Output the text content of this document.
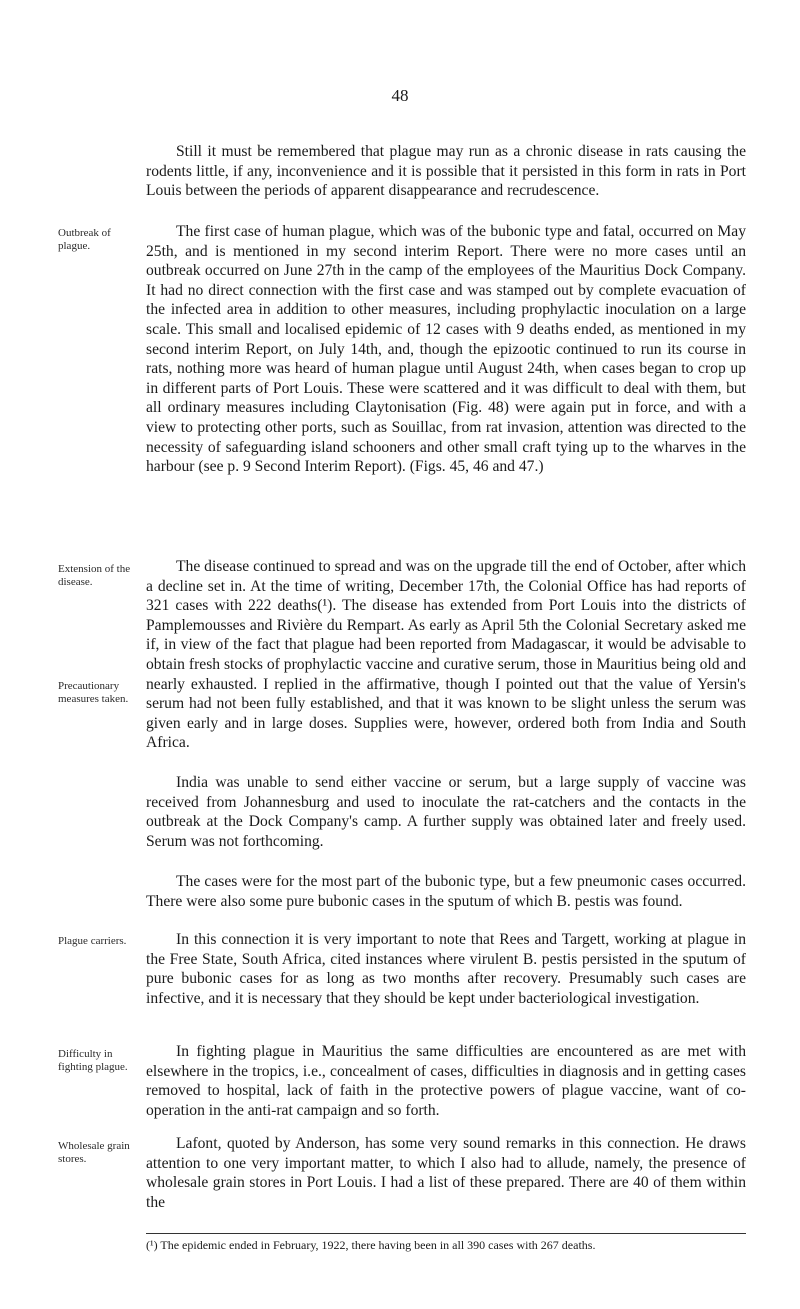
48

Still it must be remembered that plague may run as a chronic disease in rats causing the rodents little, if any, inconvenience and it is possible that it persisted in this form in rats in Port Louis between the periods of apparent disappearance and recrudescence.

Outbreak of plague.

The first case of human plague, which was of the bubonic type and fatal, occurred on May 25th, and is mentioned in my second interim Report. There were no more cases until an outbreak occurred on June 27th in the camp of the employees of the Mauritius Dock Company. It had no direct connection with the first case and was stamped out by complete evacuation of the infected area in addition to other measures, including prophylactic inoculation on a large scale. This small and localised epidemic of 12 cases with 9 deaths ended, as mentioned in my second interim Report, on July 14th, and, though the epizootic continued to run its course in rats, nothing more was heard of human plague until August 24th, when cases began to crop up in different parts of Port Louis. These were scattered and it was difficult to deal with them, but all ordinary measures including Claytonisation (Fig. 48) were again put in force, and with a view to protecting other ports, such as Souillac, from rat invasion, attention was directed to the necessity of safeguarding island schooners and other small craft tying up to the wharves in the harbour (see p. 9 Second Interim Report). (Figs. 45, 46 and 47.)

Extension of the disease.

The disease continued to spread and was on the upgrade till the end of October, after which a decline set in. At the time of writing, December 17th, the Colonial Office has had reports of 321 cases with 222 deaths(¹). The disease has extended from Port Louis into the districts of Pamplemousses and Rivière du Rempart. As early as April 5th the Colonial Secretary asked me if, in view of the fact that plague had been reported from Madagascar, it would be advisable to obtain fresh stocks of prophylactic vaccine and curative serum, those in Mauritius being old and nearly exhausted. I replied in the affirmative, though I pointed out that the value of Yersin's serum had not been fully established, and that it was known to be slight unless the serum was given early and in large doses. Supplies were, however, ordered both from India and South Africa.

Precautionary measures taken.

India was unable to send either vaccine or serum, but a large supply of vaccine was received from Johannesburg and used to inoculate the rat-catchers and the contacts in the outbreak at the Dock Company's camp. A further supply was obtained later and freely used. Serum was not forthcoming.

The cases were for the most part of the bubonic type, but a few pneumonic cases occurred. There were also some pure bubonic cases in the sputum of which B. pestis was found.

Plague carriers.	In this connection it is very important to note that Rees and Targett, working at plague in the Free State, South Africa, cited instances where virulent B. pestis persisted in the sputum of pure bubonic cases for as long as two months after recovery. Presumably such cases are infective, and it is necessary that they should be kept under bacteriological investigation.

Difficulty in fighting plague.

In fighting plague in Mauritius the same difficulties are encountered as are met with elsewhere in the tropics, i.e., concealment of cases, difficulties in diagnosis and in getting cases removed to hospital, lack of faith in the protective powers of plague vaccine, want of co-operation in the anti-rat campaign and so forth.

Wholesale grain stores.

Lafont, quoted by Anderson, has some very sound remarks in this connection. He draws attention to one very important matter, to which I also had to allude, namely, the presence of wholesale grain stores in Port Louis. I had a list of these prepared. There are 40 of them within the

(¹) The epidemic ended in February, 1922, there having been in all 390 cases with 267 deaths.
